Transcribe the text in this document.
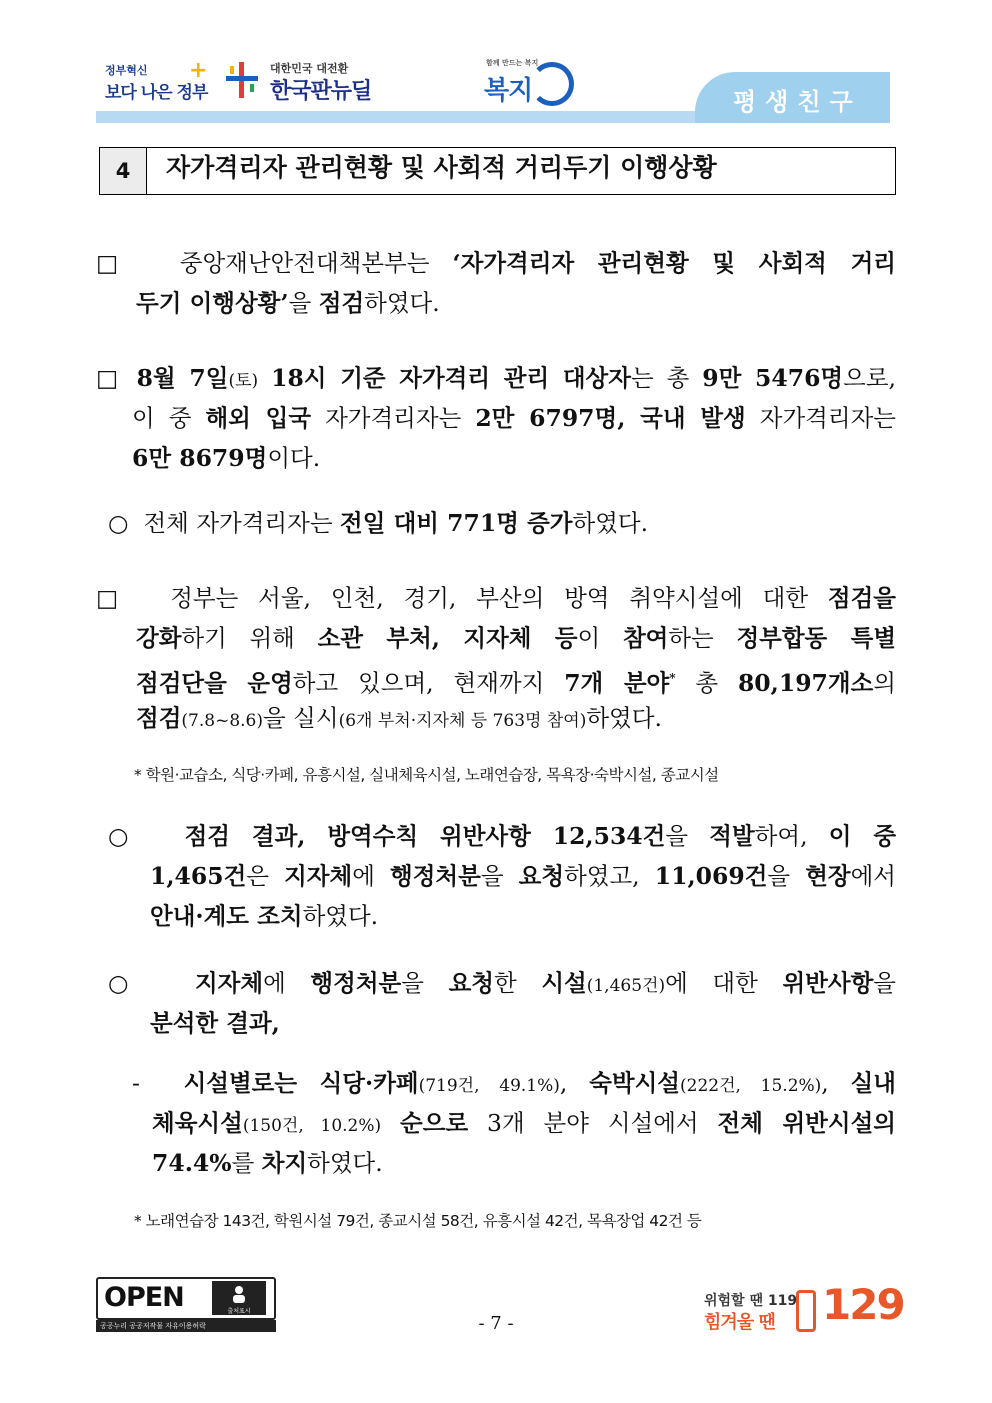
정부혁신
보다 나은 정부
+	대한민국 대전환
한국판뉴딜
함께 만드는 복지
복지	평생친구
4	자가격리자 관리현황 및 사회적 거리두기 이행상황
□  중앙재난안전대책본부는 ‘자가격리자 관리현황 및 사회적 거리
두기 이행상황’을 점검하였다.
□ 8월 7일(토) 18시 기준 자가격리 관리 대상자는 총 9만 5476명으로,
이 중 해외 입국 자가격리자는 2만 6797명, 국내 발생 자가격리자는
6만 8679명이다.
○  전체 자가격리자는 전일 대비 771명 증가하였다.
□  정부는 서울, 인천, 경기, 부산의 방역 취약시설에 대한 점검을
강화하기 위해 소관 부처, 지자체 등이 참여하는 정부합동 특별
점검단을 운영하고 있으며, 현재까지 7개 분야* 총 80,197개소의
점검(7.8~8.6)을 실시(6개 부처·지자체 등 763명 참여)하였다.
* 학원·교습소, 식당·카페, 유흥시설, 실내체육시설, 노래연습장, 목욕장·숙박시설, 종교시설
○  점검 결과, 방역수칙 위반사항 12,534건을 적발하여, 이 중
1,465건은 지자체에 행정처분을 요청하였고, 11,069건을 현장에서
안내·계도 조치하였다.
○  지자체에 행정처분을 요청한 시설(1,465건)에 대한 위반사항을
분석한 결과,
-  시설별로는 식당·카페(719건, 49.1%), 숙박시설(222건, 15.2%), 실내
체육시설(150건, 10.2%) 순으로 3개 분야 시설에서 전체 위반시설의
74.4%를 차지하였다.
* 노래연습장 143건, 학원시설 79건, 종교시설 58건, 유흥시설 42건, 목욕장업 42건 등
OPEN	출처표시
공공누리 공공저작물 자유이용허락	- 7 -
위험할 땐 119
힘겨울 땐 129
